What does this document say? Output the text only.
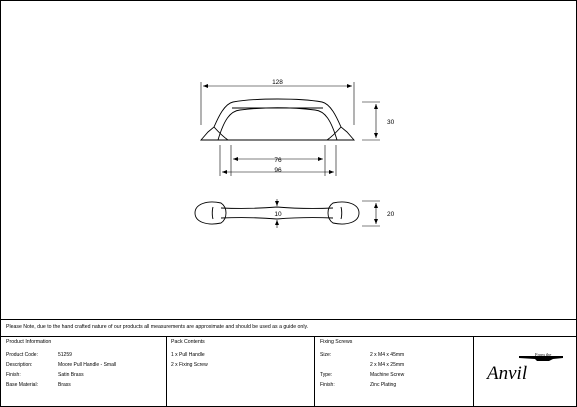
128
30
76
96
10	20
Please Note, due to the hand crafted nature of our products all measurements are approximate and should be used as a guide only.
Product Information
Product Code:	51259
Description:	Moore Pull Handle - Small
Finish:	Satin Brass
Base Material:	Brass
Pack Contents
1 x Pull Handle
2 x Fixing Screw
Fixing Screws
Size:	2 x M4 x 45mm
2 x M4 x 25mm
Type:	Machine Screw
Finish:	Zinc Plating
From the
Anvil
